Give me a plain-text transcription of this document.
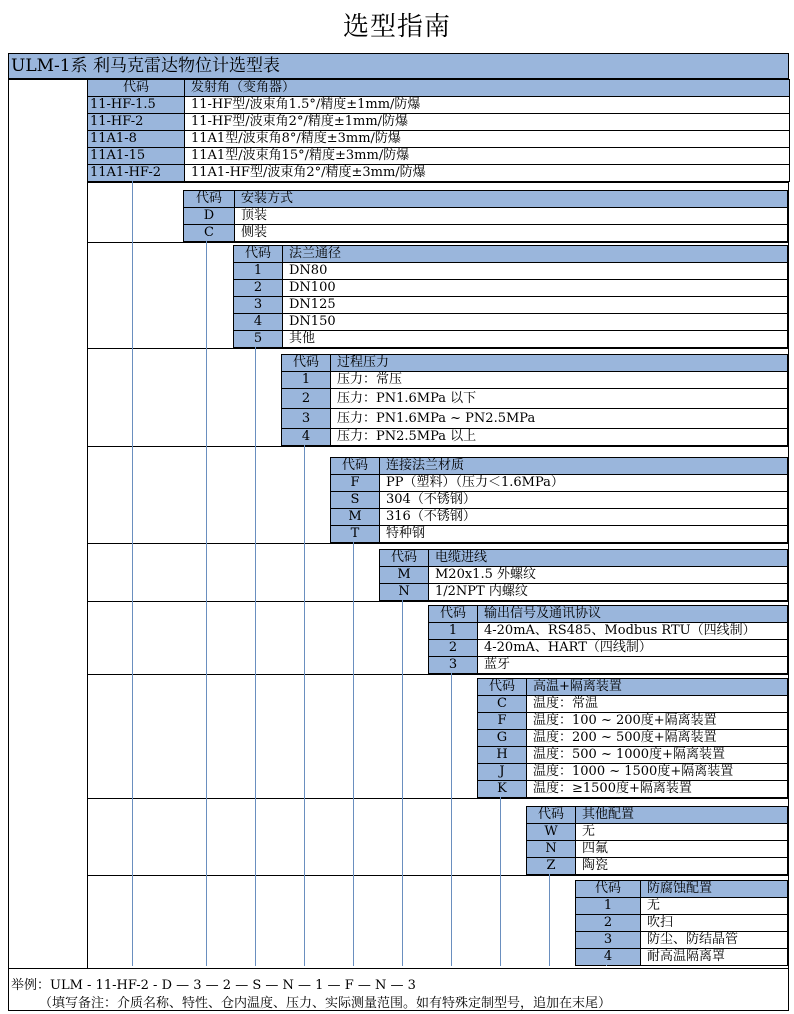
选型指南
ULM-1系 利马克雷达物位计选型表
代码	发射角（变角器）
11-HF-1.5	11-HF型/波束角1.5°/精度±1mm/防爆
11-HF-2	11-HF型/波束角2°/精度±1mm/防爆
11A1-8	11A1型/波束角8°/精度±3mm/防爆
11A1-15	11A1型/波束角15°/精度±3mm/防爆
11A1-HF-2	11A1-HF型/波束角2°/精度±3mm/防爆
代码	安装方式
D	顶装
C	侧装
代码	法兰通径
1	DN80
2	DN100
3	DN125
4	DN150
5	其他
代码	过程压力
1	压力：常压
2	压力：PN1.6MPa 以下
3	压力：PN1.6MPa ~ PN2.5MPa
4	压力：PN2.5MPa 以上
代码	连接法兰材质
F	PP（塑料）（压力＜1.6MPa）
S	304（不锈钢）
M	316（不锈钢）
T	特种钢
代码	电缆进线
M	M20x1.5 外螺纹
N	1/2NPT 内螺纹
代码	输出信号及通讯协议
1	4-20mA、RS485、Modbus RTU（四线制）
2	4-20mA、HART（四线制）
3	蓝牙
代码	高温+隔离装置
C	温度：常温
F	温度：100 ~ 200度+隔离装置
G	温度：200 ~ 500度+隔离装置
H	温度：500 ~ 1000度+隔离装置
J	温度：1000 ~ 1500度+隔离装置
K	温度：≥1500度+隔离装置
代码	其他配置
W	无
N	四氟
Z	陶瓷
代码	防腐蚀配置
1	无
2	吹扫
3	防尘、防结晶管
4	耐高温隔离罩
举例：ULM - 11-HF-2 - D — 3 — 2 — S — N — 1 — F — N — 3
（填写备注：介质名称、特性、仓内温度、压力、实际测量范围。如有特殊定制型号，追加在末尾）
